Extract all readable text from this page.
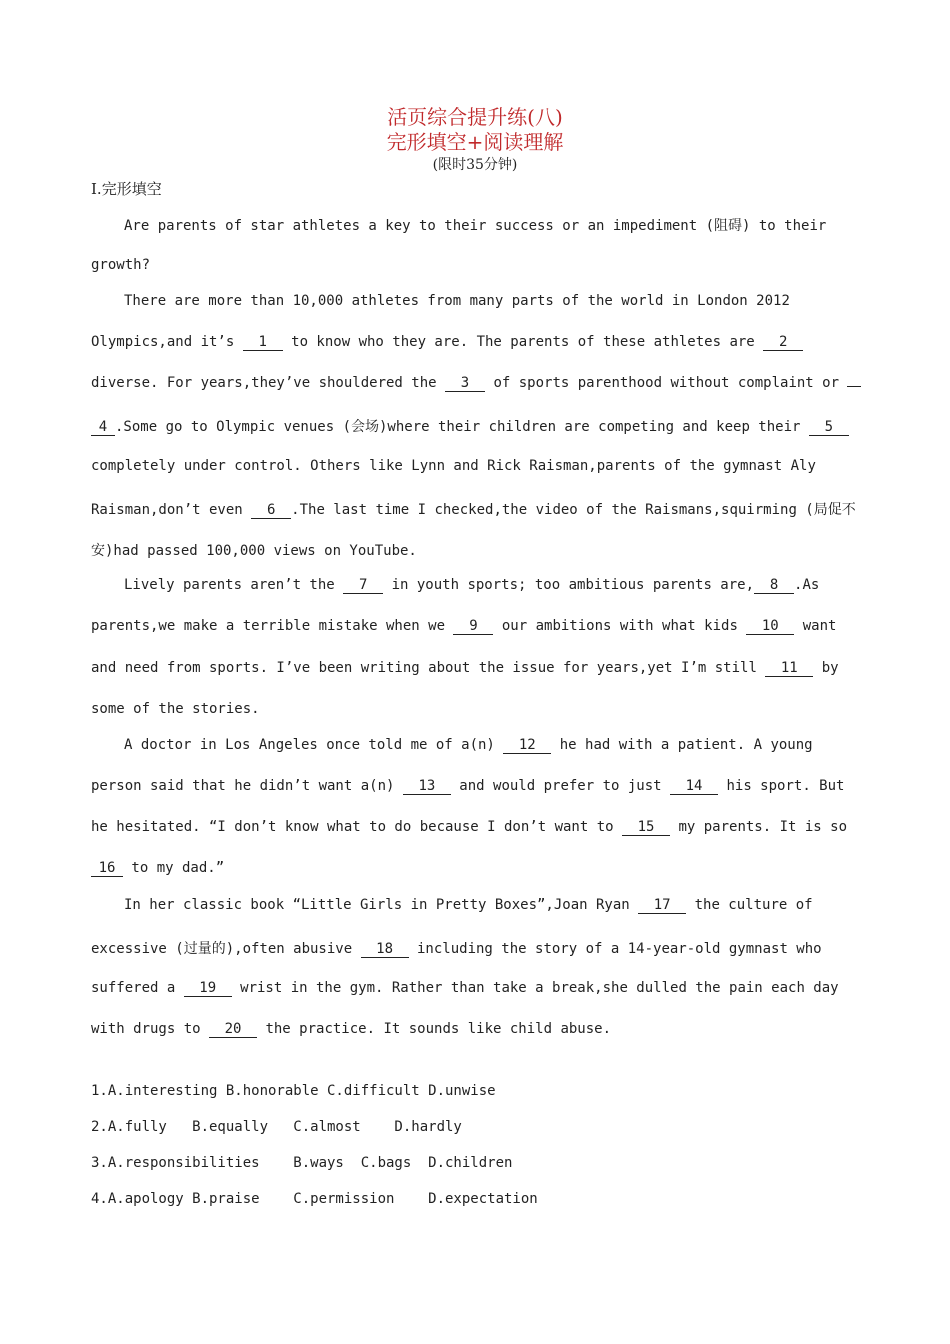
活页综合提升练(八)
完形填空+阅读理解
(限时35分钟)
I.完形填空
Are parents of star athletes a key to their success or an impediment (阻碍) to their
growth?
There are more than 10,000 athletes from many parts of the world in London 2012
Olympics,and it’s 1 to know who they are. The parents of these athletes are 2
diverse. For years,they’ve shouldered the 3 of sports parenthood without complaint or
4 .Some go to Olympic venues (会场)where their children are competing and keep their 5
completely under control. Others like Lynn and Rick Raisman,parents of the gymnast Aly
Raisman,don’t even 6 .The last time I checked,the video of the Raismans,squirming (局促不
安)had passed 100,000 views on YouTube.
Lively parents aren’t the 7 in youth sports; too ambitious parents are, 8 .As
parents,we make a terrible mistake when we 9 our ambitions with what kids 10 want
and need from sports. I’ve been writing about the issue for years,yet I’m still 11 by
some of the stories.
A doctor in Los Angeles once told me of a(n) 12 he had with a patient. A young
person said that he didn’t want a(n) 13 and would prefer to just 14 his sport. But
he hesitated. “I don’t know what to do because I don’t want to 15 my parents. It is so
16 to my dad.”
In her classic book “Little Girls in Pretty Boxes”,Joan Ryan 17 the culture of
excessive (过量的),often abusive 18 including the story of a 14-year-old gymnast who
suffered a 19 wrist in the gym. Rather than take a break,she dulled the pain each day
with drugs to 20 the practice. It sounds like child abuse.
1.A.interesting B.honorable C.difficult D.unwise
2.A.fully   B.equally   C.almost    D.hardly
3.A.responsibilities    B.ways  C.bags  D.children
4.A.apology B.praise    C.permission    D.expectation
